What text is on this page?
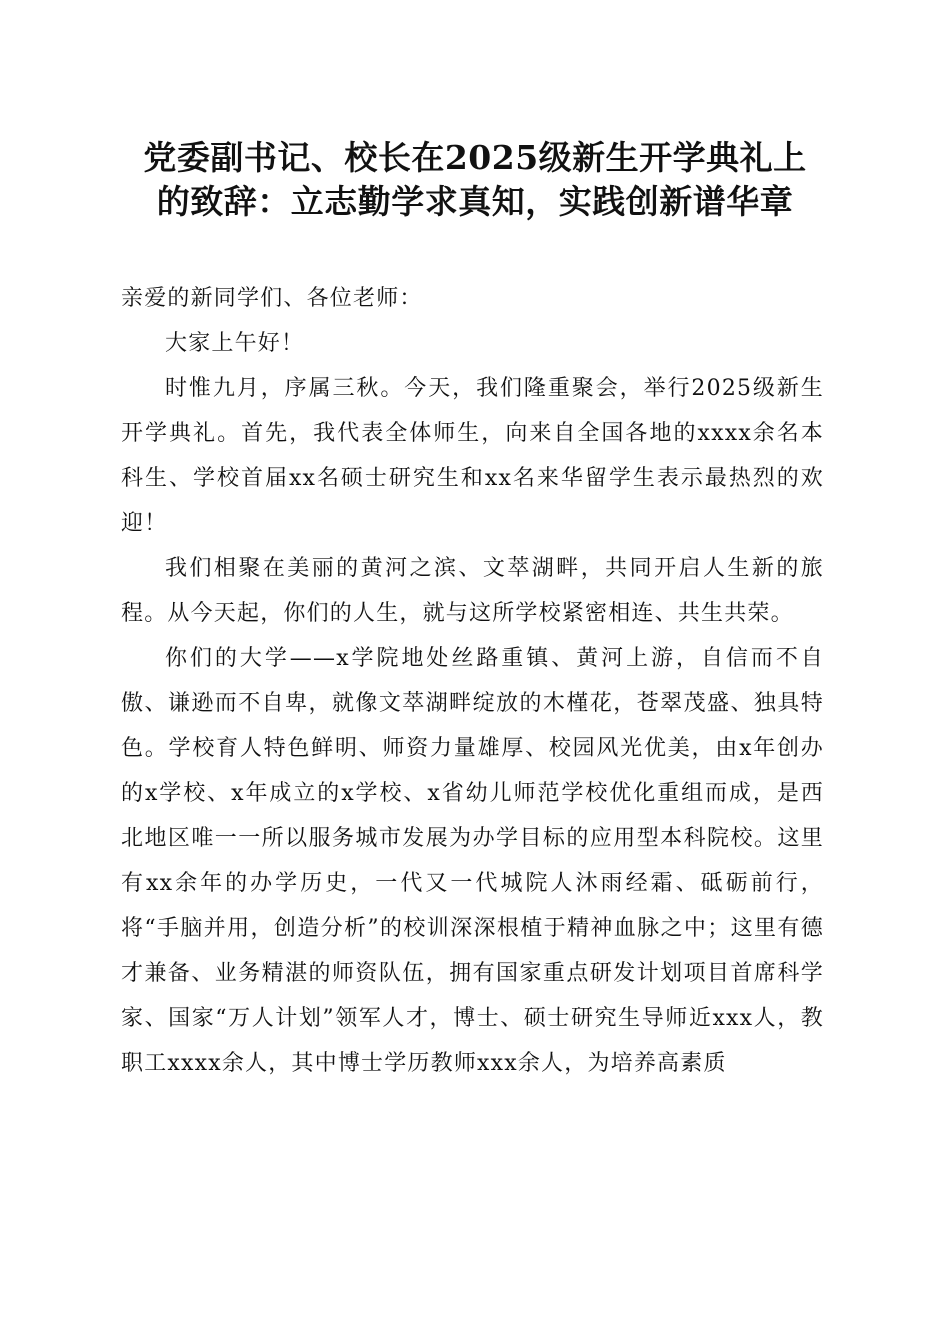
党委副书记、校长在2025级新生开学典礼上
的致辞：立志勤学求真知，实践创新谱华章

亲爱的新同学们、各位老师：

大家上午好！

时惟九月，序属三秋。今天，我们隆重聚会，举行2025级新生开学典礼。首先，我代表全体师生，向来自全国各地的xxxx余名本科生、学校首届xx名硕士研究生和xx名来华留学生表示最热烈的欢迎！

我们相聚在美丽的黄河之滨、文萃湖畔，共同开启人生新的旅程。从今天起，你们的人生，就与这所学校紧密相连、共生共荣。

你们的大学——x学院地处丝路重镇、黄河上游，自信而不自傲、谦逊而不自卑，就像文萃湖畔绽放的木槿花，苍翠茂盛、独具特色。学校育人特色鲜明、师资力量雄厚、校园风光优美，由x年创办的x学校、x年成立的x学校、x省幼儿师范学校优化重组而成，是西北地区唯一一所以服务城市发展为办学目标的应用型本科院校。这里有xx余年的办学历史，一代又一代城院人沐雨经霜、砥砺前行，将“手脑并用，创造分析”的校训深深根植于精神血脉之中；这里有德才兼备、业务精湛的师资队伍，拥有国家重点研发计划项目首席科学家、国家“万人计划”领军人才，博士、硕士研究生导师近xxx人，教职工xxxx余人，其中博士学历教师xxx余人，为培养高素质
